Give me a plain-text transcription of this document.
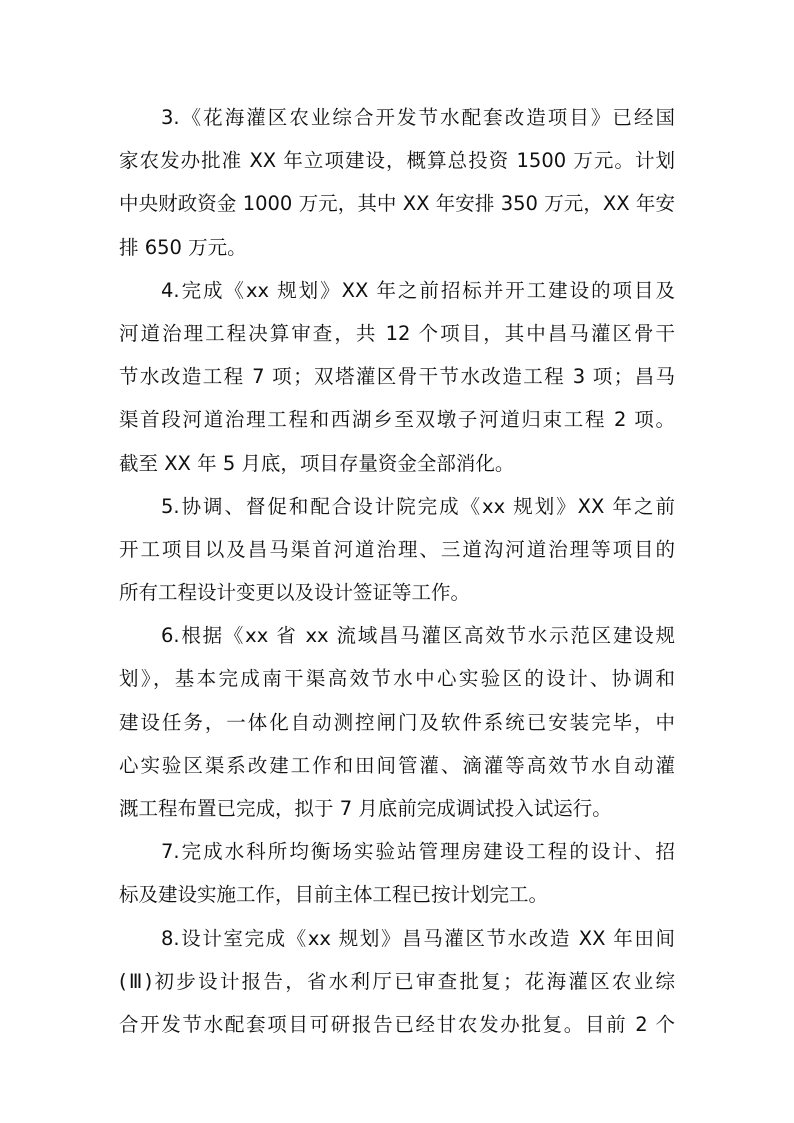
3.《花海灌区农业综合开发节水配套改造项目》已经国
家农发办批准 XX 年立项建设，概算总投资 1500 万元。计划
中央财政资金 1000 万元，其中 XX 年安排 350 万元，XX 年安
排 650 万元。
4.完成《xx 规划》XX 年之前招标并开工建设的项目及
河道治理工程决算审查，共 12 个项目，其中昌马灌区骨干
节水改造工程 7 项；双塔灌区骨干节水改造工程 3 项；昌马
渠首段河道治理工程和西湖乡至双墩子河道归束工程 2 项。
截至 XX 年 5 月底，项目存量资金全部消化。
5.协调、督促和配合设计院完成《xx 规划》XX 年之前
开工项目以及昌马渠首河道治理、三道沟河道治理等项目的
所有工程设计变更以及设计签证等工作。
6.根据《xx 省 xx 流域昌马灌区高效节水示范区建设规
划》，基本完成南干渠高效节水中心实验区的设计、协调和
建设任务，一体化自动测控闸门及软件系统已安装完毕，中
心实验区渠系改建工作和田间管灌、滴灌等高效节水自动灌
溉工程布置已完成，拟于 7 月底前完成调试投入试运行。
7.完成水科所均衡场实验站管理房建设工程的设计、招
标及建设实施工作，目前主体工程已按计划完工。
8.设计室完成《xx 规划》昌马灌区节水改造 XX 年田间
(Ⅲ)初步设计报告，省水利厅已审查批复；花海灌区农业综
合开发节水配套项目可研报告已经甘农发办批复。目前 2 个
